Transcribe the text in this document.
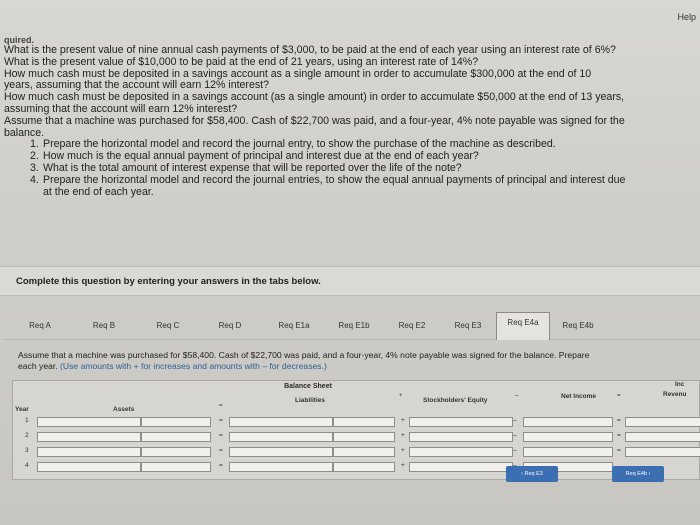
Help
quired.
What is the present value of nine annual cash payments of $3,000, to be paid at the end of each year using an interest rate of 6%?
What is the present value of $10,000 to be paid at the end of 21 years, using an interest rate of 14%?
How much cash must be deposited in a savings account as a single amount in order to accumulate $300,000 at the end of 10
years, assuming that the account will earn 12% interest?
How much cash must be deposited in a savings account (as a single amount) in order to accumulate $50,000 at the end of 13 years,
assuming that the account will earn 12% interest?
Assume that a machine was purchased for $58,400. Cash of $22,700 was paid, and a four-year, 4% note payable was signed for the
balance.
1. Prepare the horizontal model and record the journal entry, to show the purchase of the machine as described.
2. How much is the equal annual payment of principal and interest due at the end of each year?
3. What is the total amount of interest expense that will be reported over the life of the note?
4. Prepare the horizontal model and record the journal entries, to show the equal annual payments of principal and interest due
at the end of each year.
Complete this question by entering your answers in the tabs below.
Req A	Req B	Req C	Req D	Req E1a	Req E1b	Req E2	Req E3	Req E4a	Req E4b
Assume that a machine was purchased for $58,400. Cash of $22,700 was paid, and a four-year, 4% note payable was signed for the balance. Prepare
each year. (Use amounts with + for increases and amounts with – for decreases.)
Balance Sheet
Year	Assets
Liabilities	Stockholders' Equity
Net Income
Inc
Revenu
+
=
–	=
1	=	+	–	=
2	=	+	–	=
3	=	+	–	=
4	=	+
‹ Req E3	Req E4b ›
